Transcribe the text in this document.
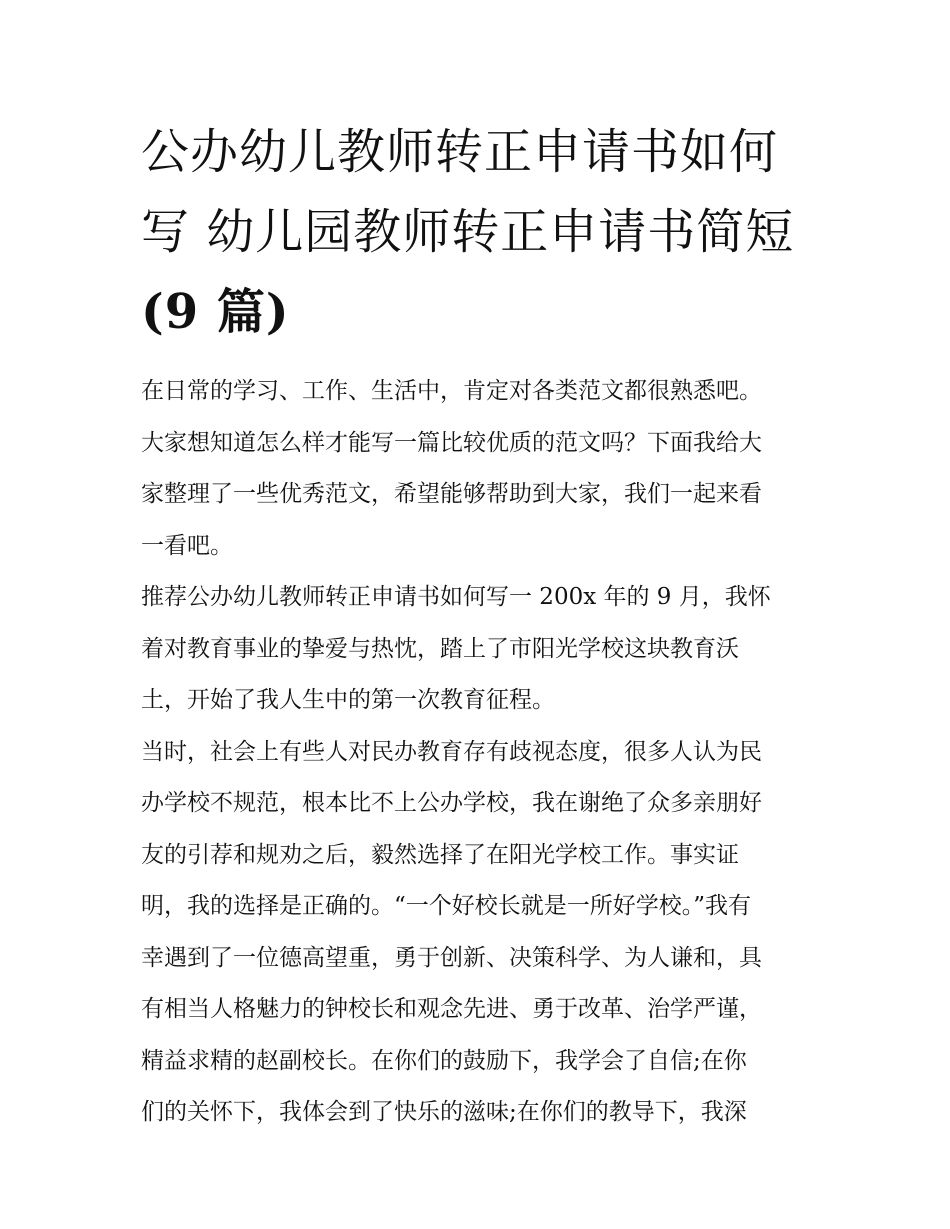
公办幼儿教师转正申请书如何
写 幼儿园教师转正申请书简短
(9 篇)

在日常的学习、工作、生活中，肯定对各类范文都很熟悉吧。
大家想知道怎么样才能写一篇比较优质的范文吗？下面我给大
家整理了一些优秀范文，希望能够帮助到大家，我们一起来看
一看吧。

推荐公办幼儿教师转正申请书如何写一 200x 年的 9 月，我怀
着对教育事业的挚爱与热忱，踏上了市阳光学校这块教育沃
土，开始了我人生中的第一次教育征程。

当时，社会上有些人对民办教育存有歧视态度，很多人认为民
办学校不规范，根本比不上公办学校，我在谢绝了众多亲朋好
友的引荐和规劝之后，毅然选择了在阳光学校工作。事实证
明，我的选择是正确的。“一个好校长就是一所好学校。”我有
幸遇到了一位德高望重，勇于创新、决策科学、为人谦和，具
有相当人格魅力的钟校长和观念先进、勇于改革、治学严谨，
精益求精的赵副校长。在你们的鼓励下，我学会了自信;在你
们的关怀下，我体会到了快乐的滋味;在你们的教导下，我深
